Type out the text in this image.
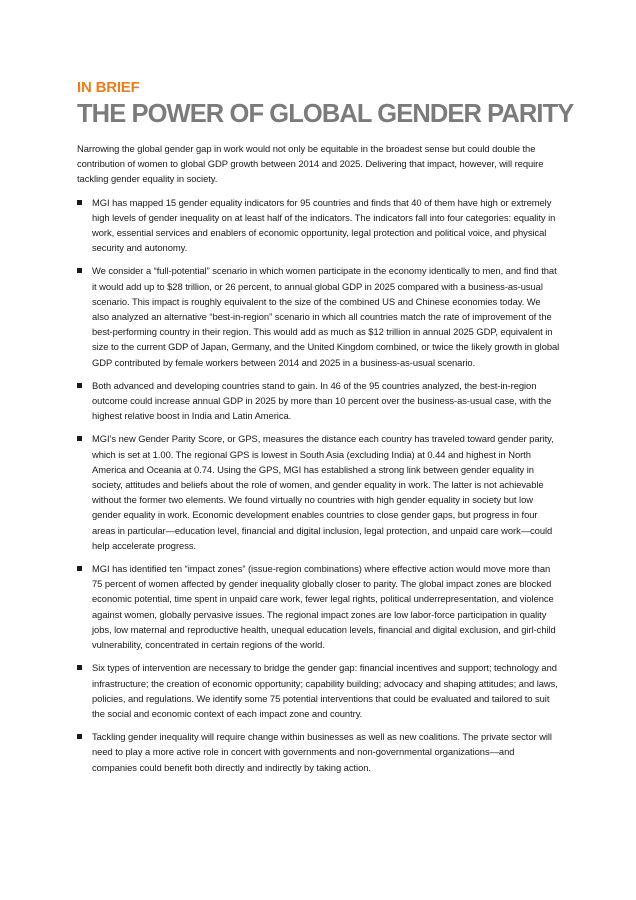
IN BRIEF
THE POWER OF GLOBAL GENDER PARITY

Narrowing the global gender gap in work would not only be equitable in the broadest sense but could double the contribution of women to global GDP growth between 2014 and 2025. Delivering that impact, however, will require tackling gender equality in society.

MGI has mapped 15 gender equality indicators for 95 countries and finds that 40 of them have high or extremely high levels of gender inequality on at least half of the indicators. The indicators fall into four categories: equality in work, essential services and enablers of economic opportunity, legal protection and political voice, and physical security and autonomy.
We consider a “full-potential” scenario in which women participate in the economy identically to men, and find that it would add up to $28 trillion, or 26 percent, to annual global GDP in 2025 compared with a business-as-usual scenario. This impact is roughly equivalent to the size of the combined US and Chinese economies today. We also analyzed an alternative “best-in-region” scenario in which all countries match the rate of improvement of the best-performing country in their region. This would add as much as $12 trillion in annual 2025 GDP, equivalent in size to the current GDP of Japan, Germany, and the United Kingdom combined, or twice the likely growth in global GDP contributed by female workers between 2014 and 2025 in a business-as-usual scenario.
Both advanced and developing countries stand to gain. In 46 of the 95 countries analyzed, the best-in-region outcome could increase annual GDP in 2025 by more than 10 percent over the business-as-usual case, with the highest relative boost in India and Latin America.
MGI’s new Gender Parity Score, or GPS, measures the distance each country has traveled toward gender parity, which is set at 1.00. The regional GPS is lowest in South Asia (excluding India) at 0.44 and highest in North America and Oceania at 0.74. Using the GPS, MGI has established a strong link between gender equality in society, attitudes and beliefs about the role of women, and gender equality in work. The latter is not achievable without the former two elements. We found virtually no countries with high gender equality in society but low gender equality in work. Economic development enables countries to close gender gaps, but progress in four areas in particular—education level, financial and digital inclusion, legal protection, and unpaid care work—could help accelerate progress.
MGI has identified ten “impact zones” (issue-region combinations) where effective action would move more than 75 percent of women affected by gender inequality globally closer to parity. The global impact zones are blocked economic potential, time spent in unpaid care work, fewer legal rights, political underrepresentation, and violence against women, globally pervasive issues. The regional impact zones are low labor-force participation in quality jobs, low maternal and reproductive health, unequal education levels, financial and digital exclusion, and girl-child vulnerability, concentrated in certain regions of the world.
Six types of intervention are necessary to bridge the gender gap: financial incentives and support; technology and infrastructure; the creation of economic opportunity; capability building; advocacy and shaping attitudes; and laws, policies, and regulations. We identify some 75 potential interventions that could be evaluated and tailored to suit the social and economic context of each impact zone and country.
Tackling gender inequality will require change within businesses as well as new coalitions. The private sector will need to play a more active role in concert with governments and non-governmental organizations—and companies could benefit both directly and indirectly by taking action.
